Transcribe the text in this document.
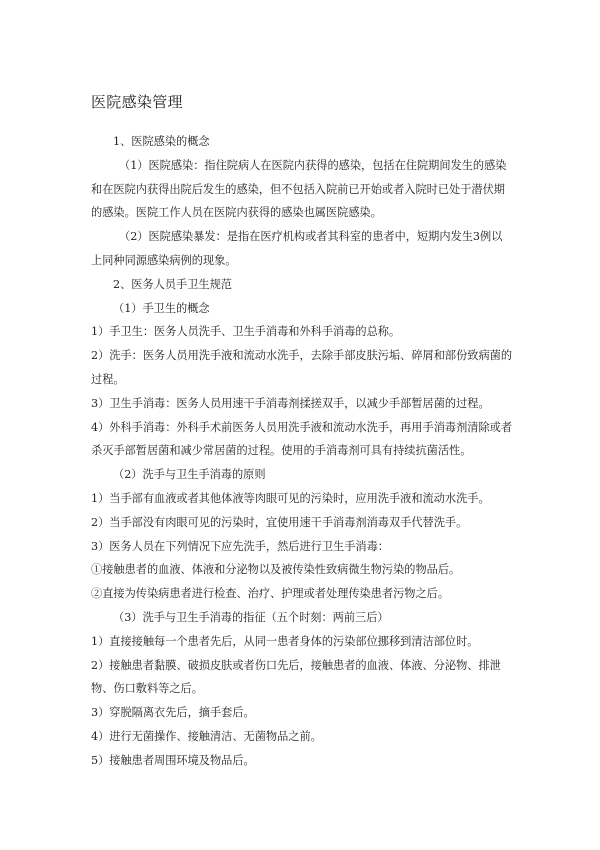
医院感染管理

1、医院感染的概念

（1）医院感染：指住院病人在医院内获得的感染，包括在住院期间发生的感染和在医院内获得出院后发生的感染，但不包括入院前已开始或者入院时已处于潜伏期的感染。医院工作人员在医院内获得的感染也属医院感染。

（2）医院感染暴发：是指在医疗机构或者其科室的患者中，短期内发生3例以上同种同源感染病例的现象。

2、医务人员手卫生规范

（1）手卫生的概念

1）手卫生：医务人员洗手、卫生手消毒和外科手消毒的总称。

2）洗手：医务人员用洗手液和流动水洗手，去除手部皮肤污垢、碎屑和部份致病菌的过程。

3）卫生手消毒：医务人员用速干手消毒剂揉搓双手，以减少手部暂居菌的过程。

4）外科手消毒：外科手术前医务人员用洗手液和流动水洗手，再用手消毒剂清除或者杀灭手部暂居菌和减少常居菌的过程。使用的手消毒剂可具有持续抗菌活性。

（2）洗手与卫生手消毒的原则

1）当手部有血液或者其他体液等肉眼可见的污染时，应用洗手液和流动水洗手。

2）当手部没有肉眼可见的污染时，宜使用速干手消毒剂消毒双手代替洗手。

3）医务人员在下列情况下应先洗手，然后进行卫生手消毒：

①接触患者的血液、体液和分泌物以及被传染性致病微生物污染的物品后。

②直接为传染病患者进行检查、治疗、护理或者处理传染患者污物之后。

（3）洗手与卫生手消毒的指征（五个时刻：两前三后）

1）直接接触每一个患者先后，从同一患者身体的污染部位挪移到清洁部位时。

2）接触患者黏膜、破损皮肤或者伤口先后，接触患者的血液、体液、分泌物、排泄物、伤口敷料等之后。

3）穿脱隔离衣先后，摘手套后。

4）进行无菌操作、接触清洁、无菌物品之前。

5）接触患者周围环境及物品后。
